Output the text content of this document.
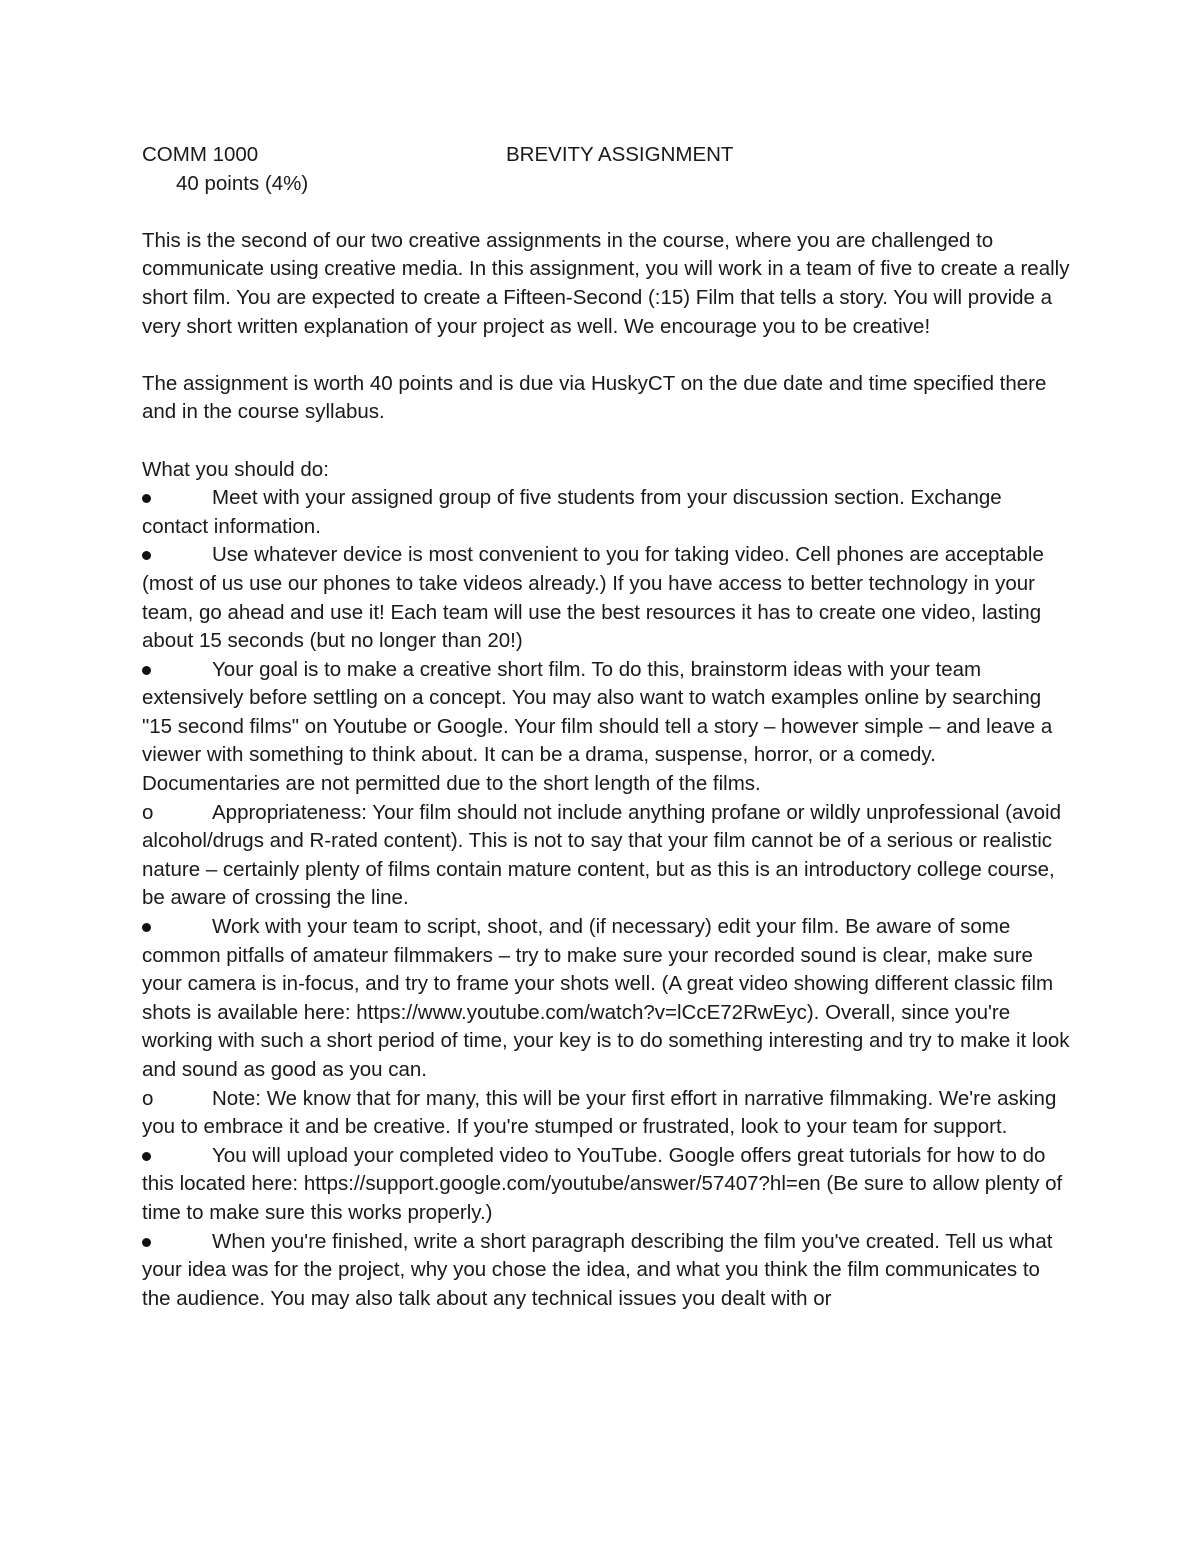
COMM 1000	BREVITY ASSIGNMENT
40 points (4%)

This is the second of our two creative assignments in the course, where you are challenged to communicate using creative media. In this assignment, you will work in a team of five to create a really short film. You are expected to create a Fifteen-Second (:15) Film that tells a story. You will provide a very short written explanation of your project as well. We encourage you to be creative!

The assignment is worth 40 points and is due via HuskyCT on the due date and time specified there and in the course syllabus.

What you should do:

Meet with your assigned group of five students from your discussion section. Exchange contact information.
Use whatever device is most convenient to you for taking video. Cell phones are acceptable (most of us use our phones to take videos already.) If you have access to better technology in your team, go ahead and use it! Each team will use the best resources it has to create one video, lasting about 15 seconds (but no longer than 20!)
Your goal is to make a creative short film. To do this, brainstorm ideas with your team extensively before settling on a concept. You may also want to watch examples online by searching "15 second films" on Youtube or Google. Your film should tell a story – however simple – and leave a viewer with something to think about. It can be a drama, suspense, horror, or a comedy. Documentaries are not permitted due to the short length of the films.
o	Appropriateness: Your film should not include anything profane or wildly unprofessional (avoid alcohol/drugs and R-rated content). This is not to say that your film cannot be of a serious or realistic nature – certainly plenty of films contain mature content, but as this is an introductory college course, be aware of crossing the line.
Work with your team to script, shoot, and (if necessary) edit your film. Be aware of some common pitfalls of amateur filmmakers – try to make sure your recorded sound is clear, make sure your camera is in-focus, and try to frame your shots well. (A great video showing different classic film shots is available here: https://www.youtube.com/watch?v=lCcE72RwEyc). Overall, since you're working with such a short period of time, your key is to do something interesting and try to make it look and sound as good as you can.
o	Note: We know that for many, this will be your first effort in narrative filmmaking. We're asking you to embrace it and be creative. If you're stumped or frustrated, look to your team for support.
You will upload your completed video to YouTube. Google offers great tutorials for how to do this located here: https://support.google.com/youtube/answer/57407?hl=en (Be sure to allow plenty of time to make sure this works properly.)
When you're finished, write a short paragraph describing the film you've created. Tell us what your idea was for the project, why you chose the idea, and what you think the film communicates to the audience. You may also talk about any technical issues you dealt with or
